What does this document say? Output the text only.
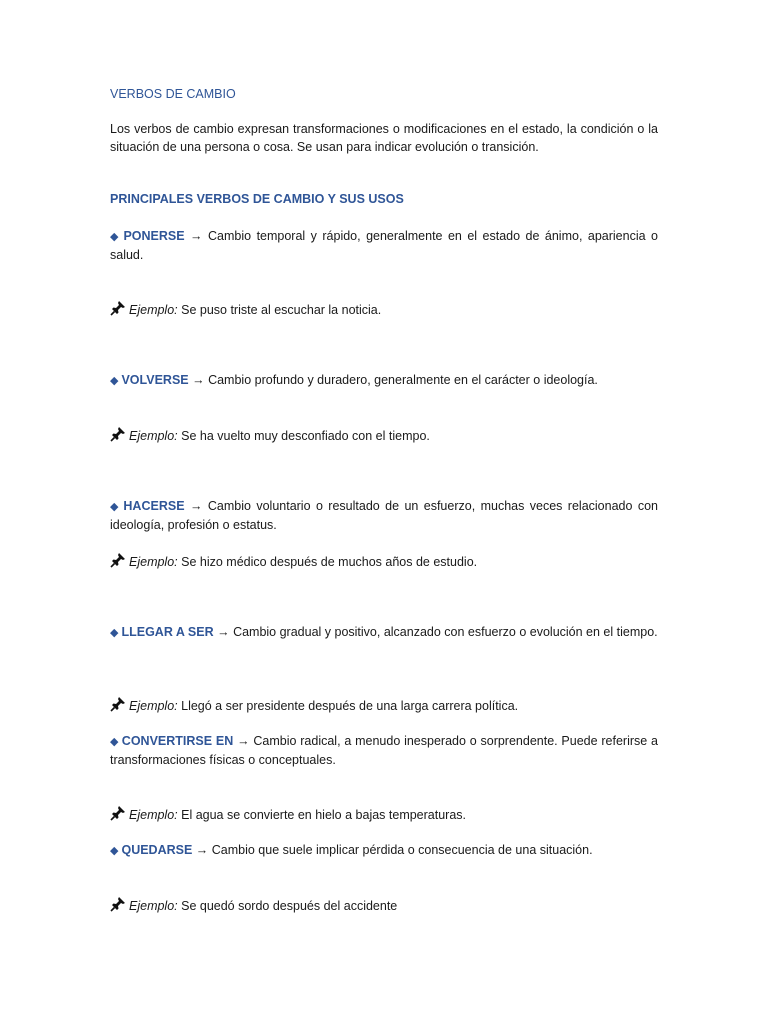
VERBOS DE CAMBIO
Los verbos de cambio expresan transformaciones o modificaciones en el estado, la condición o la situación de una persona o cosa. Se usan para indicar evolución o transición.
PRINCIPALES VERBOS DE CAMBIO Y SUS USOS
◆ PONERSE → Cambio temporal y rápido, generalmente en el estado de ánimo, apariencia o salud.
Ejemplo: Se puso triste al escuchar la noticia.
◆ VOLVERSE → Cambio profundo y duradero, generalmente en el carácter o ideología.
Ejemplo: Se ha vuelto muy desconfiado con el tiempo.
◆ HACERSE → Cambio voluntario o resultado de un esfuerzo, muchas veces relacionado con ideología, profesión o estatus.
Ejemplo: Se hizo médico después de muchos años de estudio.
◆ LLEGAR A SER → Cambio gradual y positivo, alcanzado con esfuerzo o evolución en el tiempo.
Ejemplo: Llegó a ser presidente después de una larga carrera política.
◆ CONVERTIRSE EN → Cambio radical, a menudo inesperado o sorprendente. Puede referirse a transformaciones físicas o conceptuales.
Ejemplo: El agua se convierte en hielo a bajas temperaturas.
◆ QUEDARSE → Cambio que suele implicar pérdida o consecuencia de una situación.
Ejemplo: Se quedó sordo después del accidente
